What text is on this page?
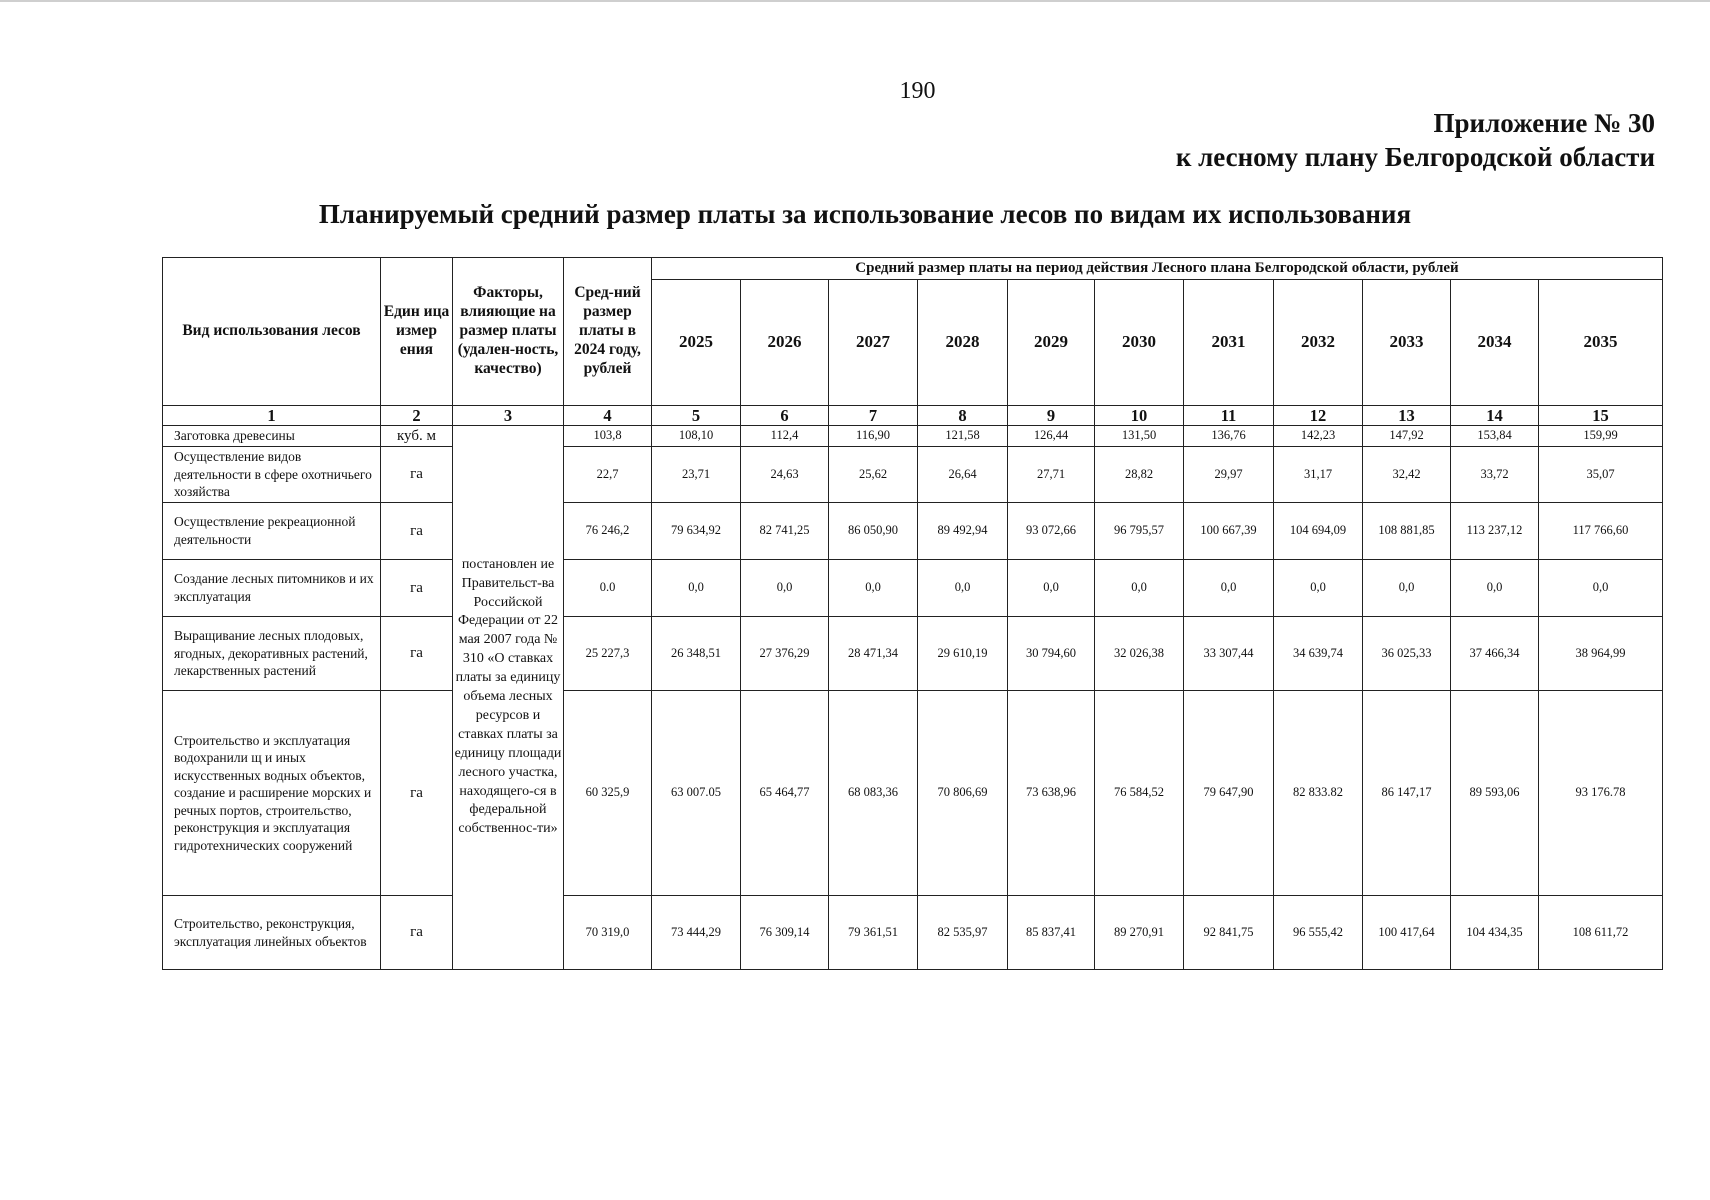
190
Приложение № 30
к лесному плану Белгородской области
Планируемый средний размер платы за использование лесов по видам их использования
Вид использования лесов	Един ица измер ения	Факторы, влияющие на размер платы (удален-ность, качество)	Сред-ний размер платы в 2024 году, рублей	Средний размер платы на период действия Лесного плана Белгородской области, рублей										
				2025	2026	2027	2028	2029	2030	2031	2032	2033	2034	2035
1	2	3	4	5	6	7	8	9	10	11	12	13	14	15
Заготовка древесины	куб. м	постановлен ие Правительст-ва Российской Федерации от 22 мая 2007 года № 310 «О ставках платы за единицу объема лесных ресурсов и ставках платы за единицу площади лесного участка, находящего-ся в федеральной собственнос-ти»	103,8	108,10	112,4	116,90	121,58	126,44	131,50	136,76	142,23	147,92	153,84	159,99
Осуществление видов деятельности в сфере охотничьего хозяйства	га		22,7	23,71	24,63	25,62	26,64	27,71	28,82	29,97	31,17	32,42	33,72	35,07
Осуществление рекреационной деятельности	га		76 246,2	79 634,92	82 741,25	86 050,90	89 492,94	93 072,66	96 795,57	100 667,39	104 694,09	108 881,85	113 237,12	117 766,60
Создание лесных питомников и их эксплуатация	га		0.0	0,0	0,0	0,0	0,0	0,0	0,0	0,0	0,0	0,0	0,0	0,0
Выращивание лесных плодовых, ягодных, декоративных растений, лекарственных растений	га		25 227,3	26 348,51	27 376,29	28 471,34	29 610,19	30 794,60	32 026,38	33 307,44	34 639,74	36 025,33	37 466,34	38 964,99
Строительство и эксплуатация водохранили щ и иных искусственных водных объектов, создание и расширение морских и речных портов, строительство, реконструкция и эксплуатация гидротехнических сооружений	га		60 325,9	63 007.05	65 464,77	68 083,36	70 806,69	73 638,96	76 584,52	79 647,90	82 833.82	86 147,17	89 593,06	93 176.78
Строительство, реконструкция, эксплуатация линейных объектов	га		70 319,0	73 444,29	76 309,14	79 361,51	82 535,97	85 837,41	89 270,91	92 841,75	96 555,42	100 417,64	104 434,35	108 611,72
